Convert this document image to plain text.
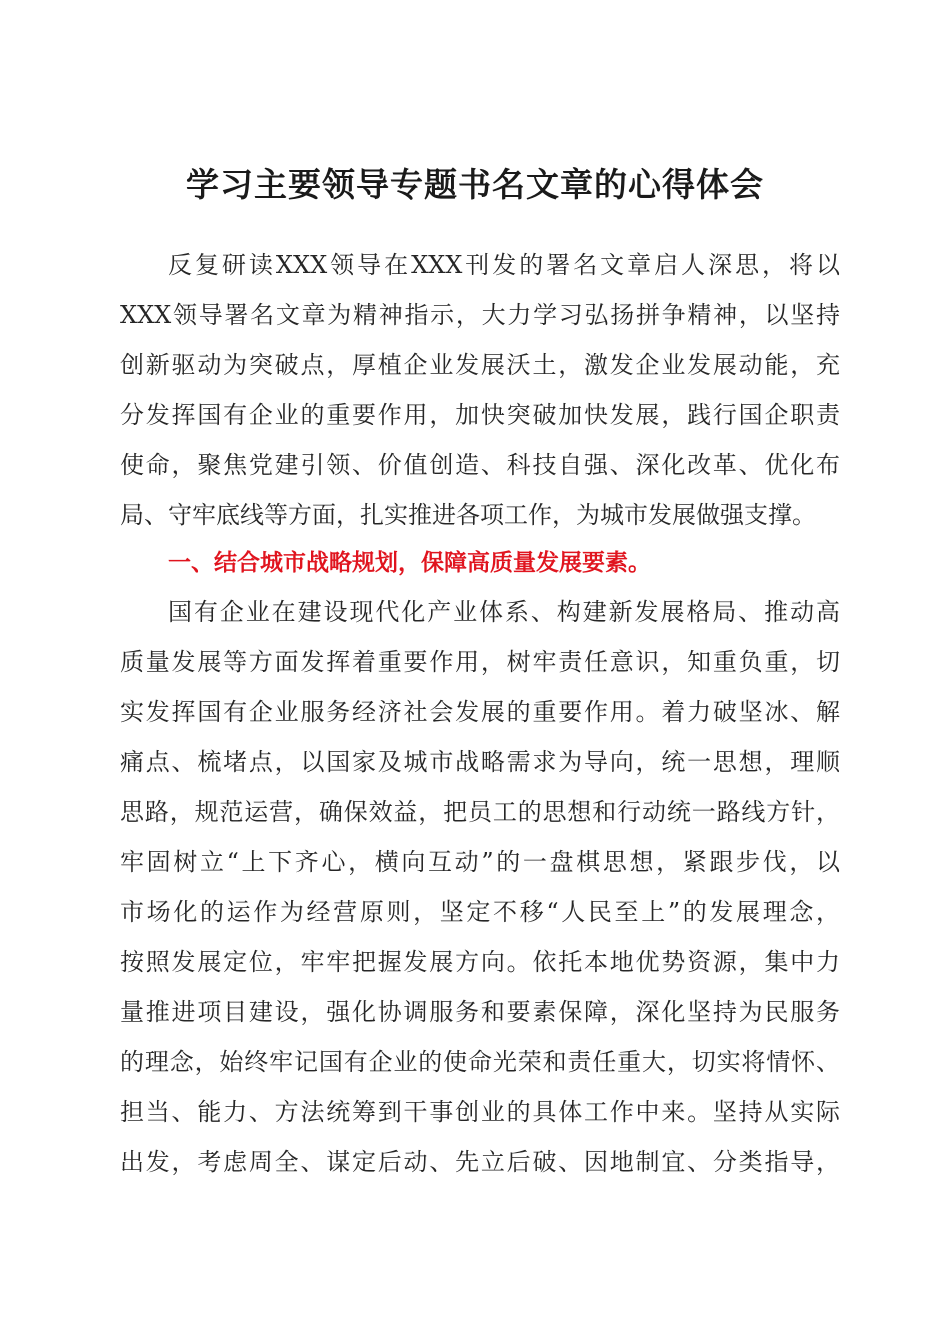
学习主要领导专题书名文章的心得体会
反复研读XXX领导在XXX刊发的署名文章启人深思，将以
XXX领导署名文章为精神指示，大力学习弘扬拼争精神，以坚持
创新驱动为突破点，厚植企业发展沃土，激发企业发展动能，充
分发挥国有企业的重要作用，加快突破加快发展，践行国企职责
使命，聚焦党建引领、价值创造、科技自强、深化改革、优化布
局、守牢底线等方面，扎实推进各项工作，为城市发展做强支撑。
一、结合城市战略规划，保障高质量发展要素。
国有企业在建设现代化产业体系、构建新发展格局、推动高
质量发展等方面发挥着重要作用，树牢责任意识，知重负重，切
实发挥国有企业服务经济社会发展的重要作用。着力破坚冰、解
痛点、梳堵点，以国家及城市战略需求为导向，统一思想，理顺
思路，规范运营，确保效益，把员工的思想和行动统一路线方针，
牢固树立“上下齐心，横向互动”的一盘棋思想，紧跟步伐，以
市场化的运作为经营原则，坚定不移“人民至上”的发展理念，
按照发展定位，牢牢把握发展方向。依托本地优势资源，集中力
量推进项目建设，强化协调服务和要素保障，深化坚持为民服务
的理念，始终牢记国有企业的使命光荣和责任重大，切实将情怀、
担当、能力、方法统筹到干事创业的具体工作中来。坚持从实际
出发，考虑周全、谋定后动、先立后破、因地制宜、分类指导，
